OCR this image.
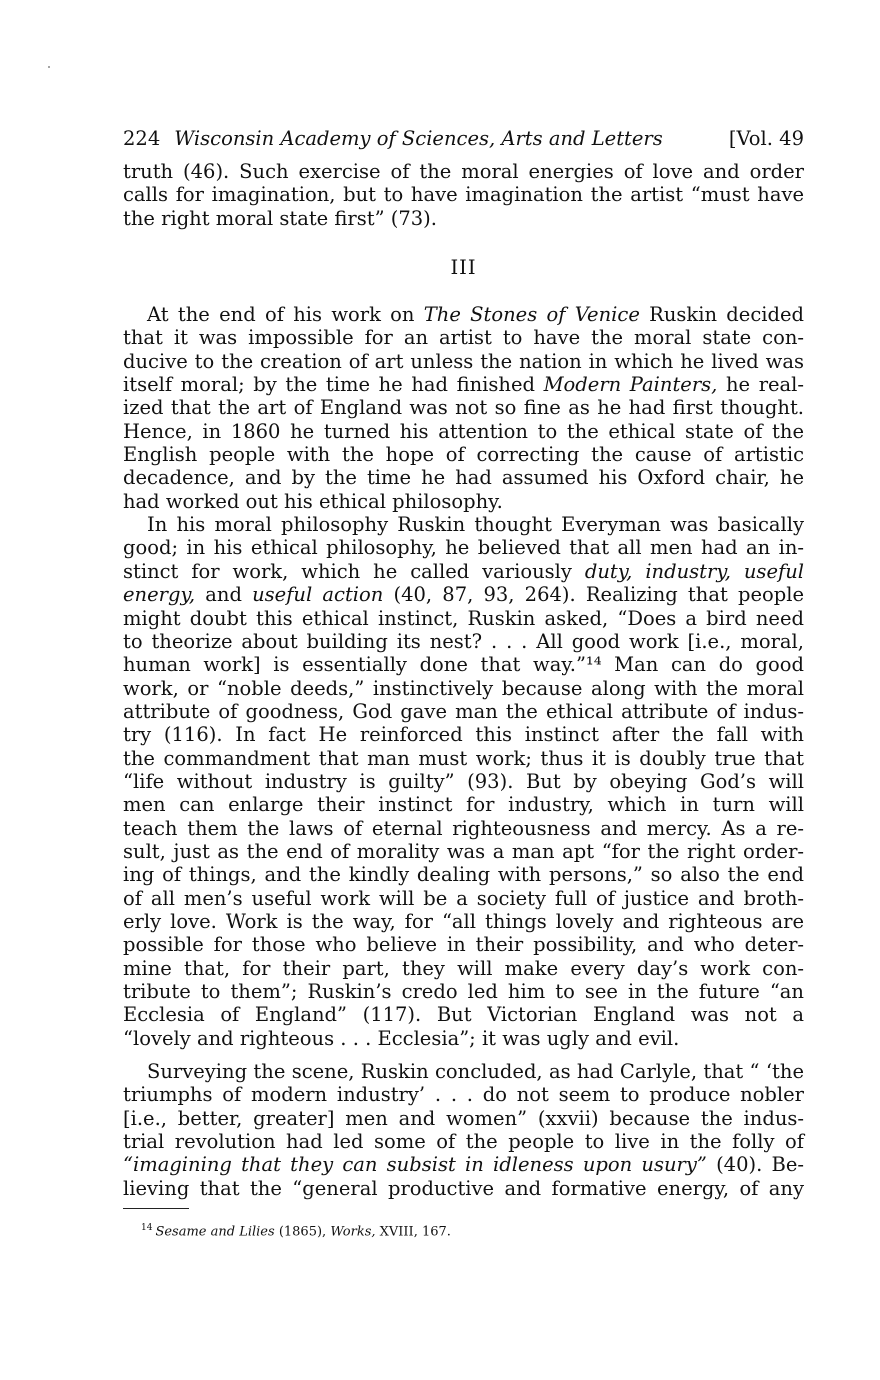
224 Wisconsin Academy of Sciences, Arts and Letters	[Vol. 49
truth (46). Such exercise of the moral energies of love and order
calls for imagination, but to have imagination the artist “must have
the right moral state first” (73).
III
At the end of his work on The Stones of Venice Ruskin decided
that it was impossible for an artist to have the moral state con-
ducive to the creation of art unless the nation in which he lived was
itself moral; by the time he had finished Modern Painters, he real-
ized that the art of England was not so fine as he had first thought.
Hence, in 1860 he turned his attention to the ethical state of the
English people with the hope of correcting the cause of artistic
decadence, and by the time he had assumed his Oxford chair, he
had worked out his ethical philosophy.
In his moral philosophy Ruskin thought Everyman was basically
good; in his ethical philosophy, he believed that all men had an in-
stinct for work, which he called variously duty, industry, useful
energy, and useful action (40, 87, 93, 264). Realizing that people
might doubt this ethical instinct, Ruskin asked, “Does a bird need
to theorize about building its nest? . . . All good work [i.e., moral,
human work] is essentially done that way.”¹⁴ Man can do good
work, or “noble deeds,” instinctively because along with the moral
attribute of goodness, God gave man the ethical attribute of indus-
try (116). In fact He reinforced this instinct after the fall with
the commandment that man must work; thus it is doubly true that
“life without industry is guilty” (93). But by obeying God’s will
men can enlarge their instinct for industry, which in turn will
teach them the laws of eternal righteousness and mercy. As a re-
sult, just as the end of morality was a man apt “for the right order-
ing of things, and the kindly dealing with persons,” so also the end
of all men’s useful work will be a society full of justice and broth-
erly love. Work is the way, for “all things lovely and righteous are
possible for those who believe in their possibility, and who deter-
mine that, for their part, they will make every day’s work con-
tribute to them”; Ruskin’s credo led him to see in the future “an
Ecclesia of England” (117). But Victorian England was not a
“lovely and righteous . . . Ecclesia”; it was ugly and evil.
Surveying the scene, Ruskin concluded, as had Carlyle, that “ ‘the
triumphs of modern industry’ . . . do not seem to produce nobler
[i.e., better, greater] men and women” (xxvii) because the indus-
trial revolution had led some of the people to live in the folly of
“imagining that they can subsist in idleness upon usury” (40). Be-
lieving that the “general productive and formative energy, of any
$^{14}$ Sesame and Lilies (1865), Works, XVIII, 167.
